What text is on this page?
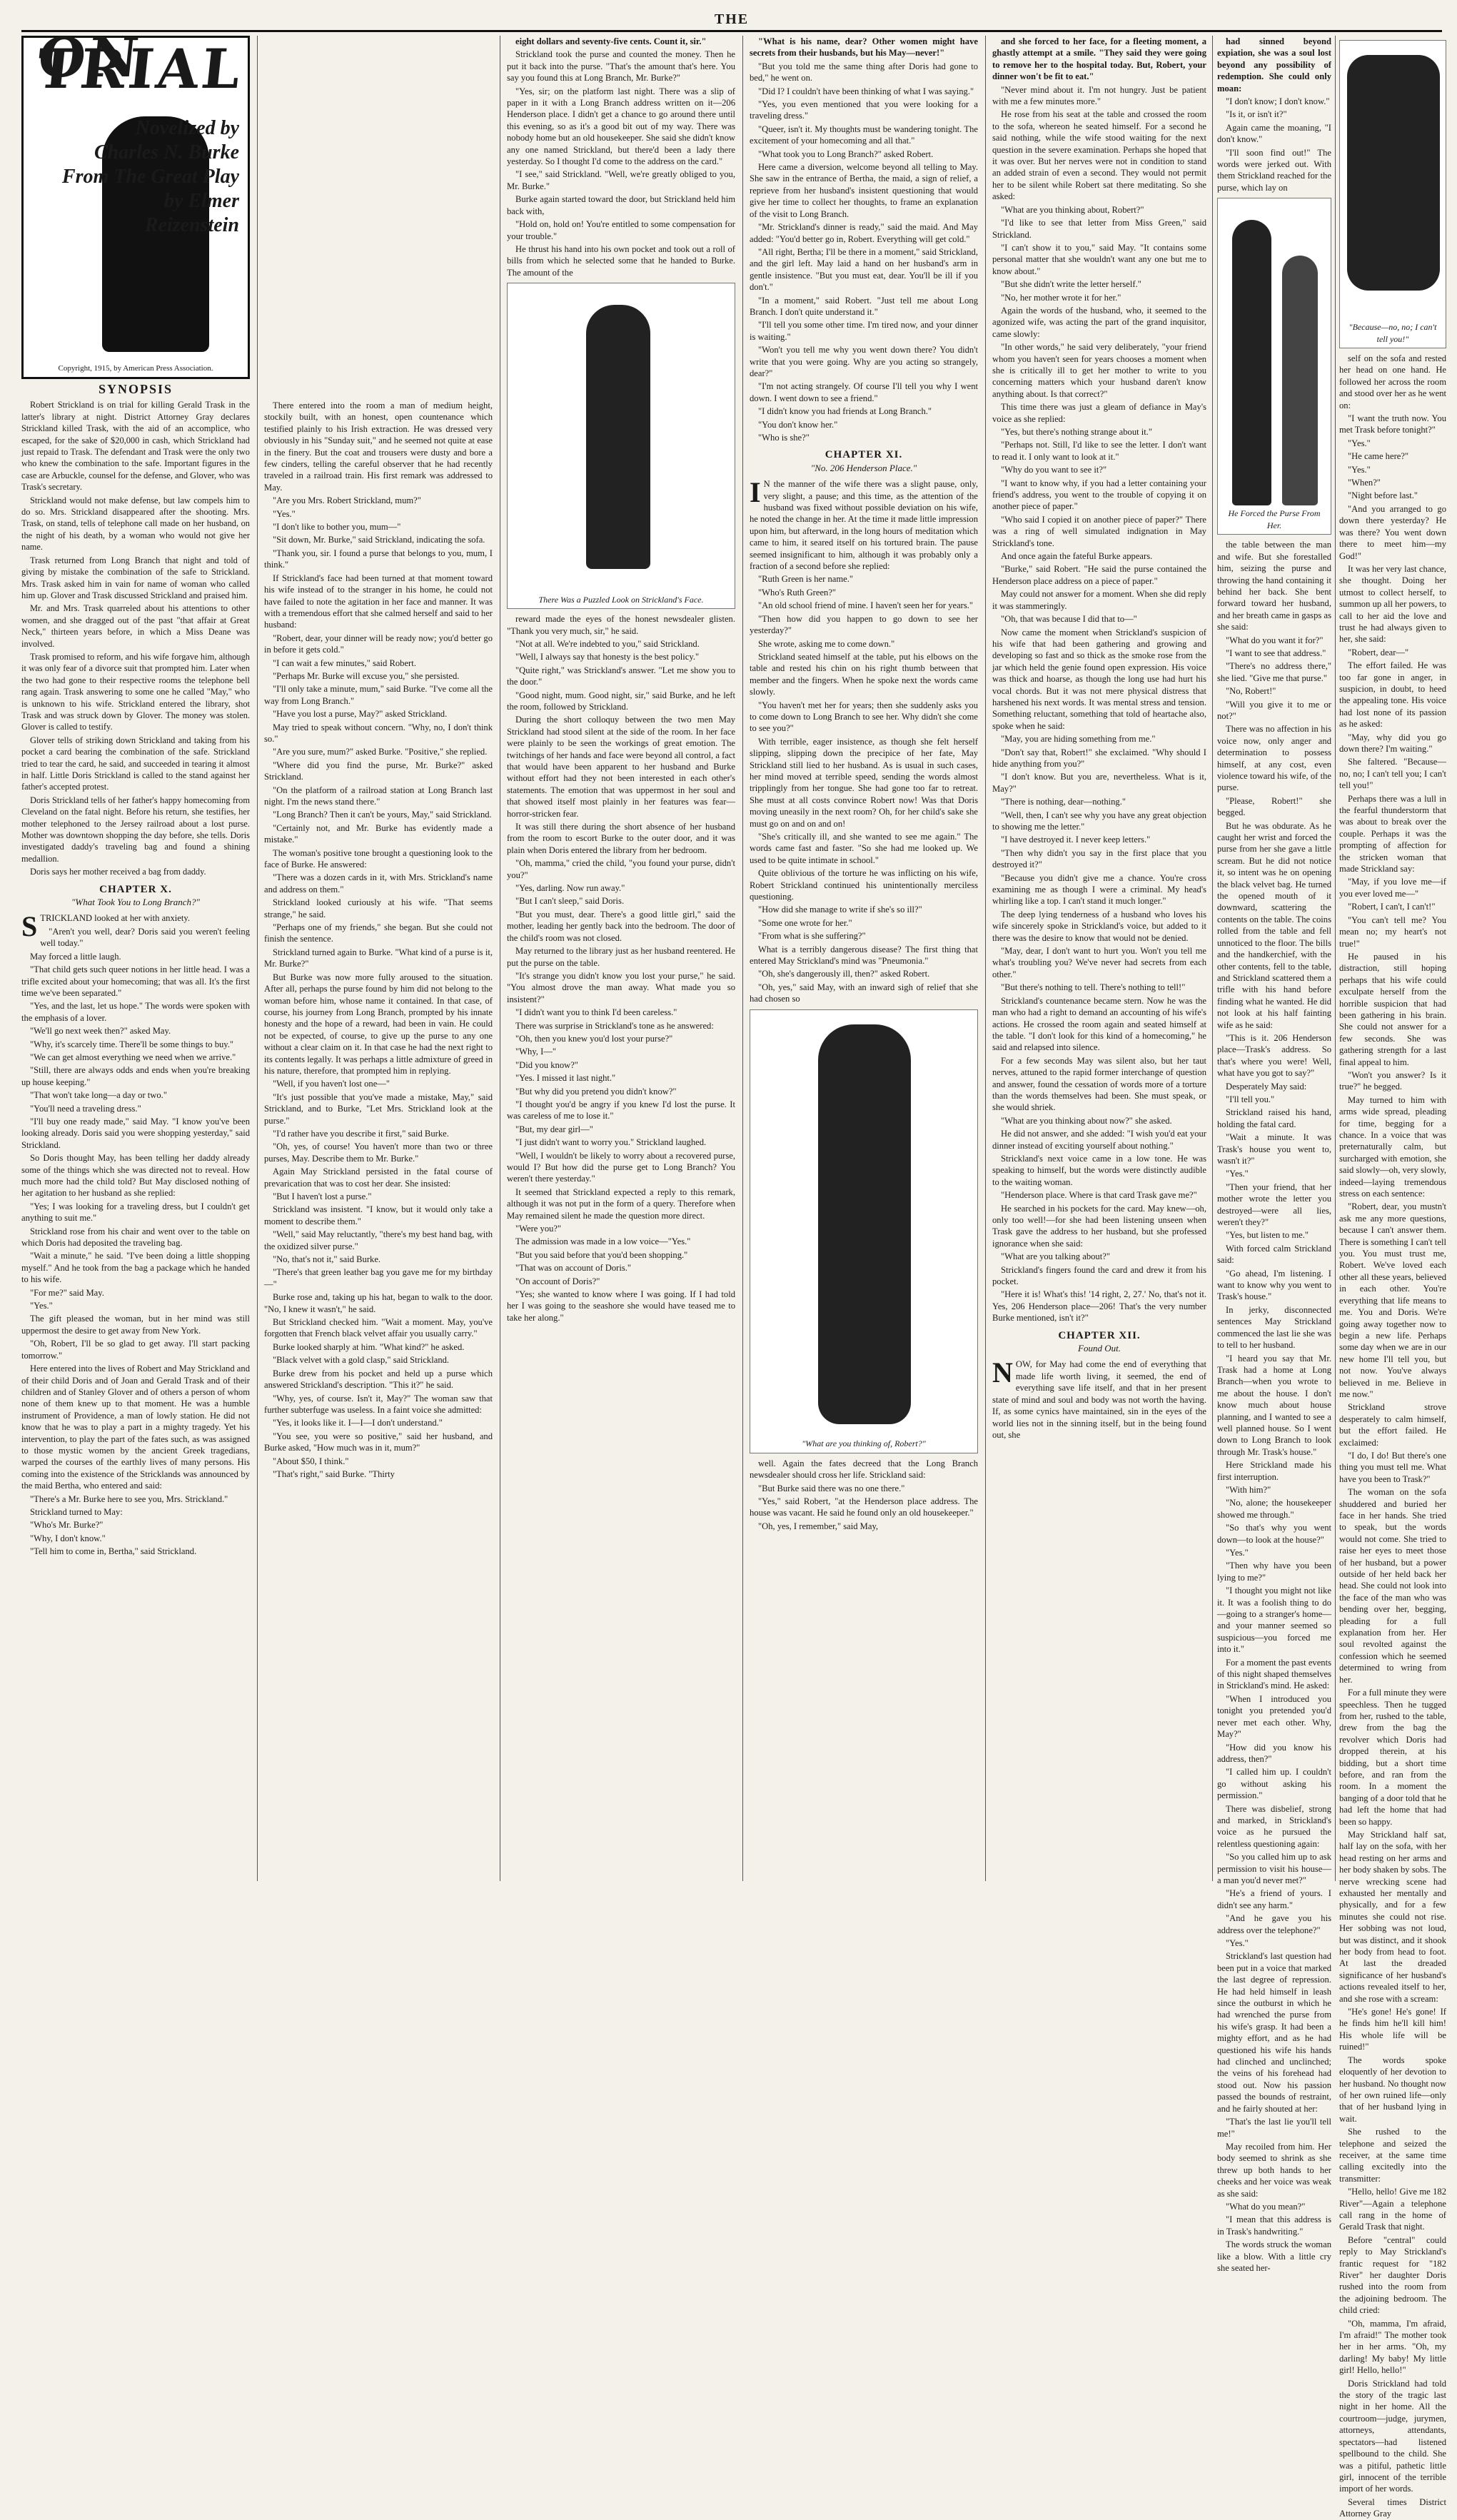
THE
ON TRIAL
Novelized by
Charles N. Burke
From The Great Play
by Elmer
Reizenstein
Copyright, 1915, by American Press Association.
SYNOPSIS

Robert Strickland is on trial for killing Gerald Trask in the latter's library at night. District Attorney Gray declares Strickland killed Trask, with the aid of an accomplice, who escaped, for the sake of $20,000 in cash, which Strickland had just repaid to Trask. The defendant and Trask were the only two who knew the combination to the safe. Important figures in the case are Arbuckle, counsel for the defense, and Glover, who was Trask's secretary.

Strickland would not make defense, but law compels him to do so. Mrs. Strickland disappeared after the shooting. Mrs. Trask, on stand, tells of telephone call made on her husband, on the night of his death, by a woman who would not give her name.

Trask returned from Long Branch that night and told of giving by mistake the combination of the safe to Strickland. Mrs. Trask asked him in vain for name of woman who called him up. Glover and Trask discussed Strickland and praised him.

Mr. and Mrs. Trask quarreled about his attentions to other women, and she dragged out of the past "that affair at Great Neck," thirteen years before, in which a Miss Deane was involved.

Trask promised to reform, and his wife forgave him, although it was only fear of a divorce suit that prompted him. Later when the two had gone to their respective rooms the telephone bell rang again. Trask answering to some one he called "May," who is unknown to his wife. Strickland entered the library, shot Trask and was struck down by Glover. The money was stolen. Glover is called to testify.

Glover tells of striking down Strickland and taking from his pocket a card bearing the combination of the safe. Strickland tried to tear the card, he said, and succeeded in tearing it almost in half. Little Doris Strickland is called to the stand against her father's accepted protest.

Doris Strickland tells of her father's happy homecoming from Cleveland on the fatal night. Before his return, she testifies, her mother telephoned to the Jersey railroad about a lost purse. Mother was downtown shopping the day before, she tells. Doris investigated daddy's traveling bag and found a shining medallion.

Doris says her mother received a bag from daddy.

CHAPTER X.
"What Took You to Long Branch?"
S TRICKLAND looked at her with anxiety.

"Aren't you well, dear? Doris said you weren't feeling well today."

May forced a little laugh.

"That child gets such queer notions in her little head. I was a trifle excited about your homecoming; that was all. It's the first time we've been separated."

"Yes, and the last, let us hope." The words were spoken with the emphasis of a lover.

"We'll go next week then?" asked May.

"Why, it's scarcely time. There'll be some things to buy."

"We can get almost everything we need when we arrive."

"Still, there are always odds and ends when you're breaking up house keeping."

"That won't take long—a day or two."

"You'll need a traveling dress."

"I'll buy one ready made," said May. "I know you've been looking already. Doris said you were shopping yesterday," said Strickland.

So Doris thought May, has been telling her daddy already some of the things which she was directed not to reveal. How much more had the child told? But May disclosed nothing of her agitation to her husband as she replied:

"Yes; I was looking for a traveling dress, but I couldn't get anything to suit me."

Strickland rose from his chair and went over to the table on which Doris had deposited the traveling bag.

"Wait a minute," he said. "I've been doing a little shopping myself." And he took from the bag a package which he handed to his wife.

"For me?" said May.

"Yes."

The gift pleased the woman, but in her mind was still uppermost the desire to get away from New York.

"Oh, Robert, I'll be so glad to get away. I'll start packing tomorrow."

Here entered into the lives of Robert and May Strickland and of their child Doris and of Joan and Gerald Trask and of their children and of Stanley Glover and of others a person of whom none of them knew up to that moment. He was a humble instrument of Providence, a man of lowly station. He did not know that he was to play a part in a mighty tragedy. Yet his intervention, to play the part of the fates such, as was assigned to those mystic women by the ancient Greek tragedians, warped the courses of the earthly lives of many persons. His coming into the existence of the Stricklands was announced by the maid Bertha, who entered and said:

"There's a Mr. Burke here to see you, Mrs. Strickland."

Strickland turned to May:

"Who's Mr. Burke?"

"Why, I don't know."

"Tell him to come in, Bertha," said Strickland.

There entered into the room a man of medium height, stockily built, with an honest, open countenance which testified plainly to his Irish extraction. He was dressed very obviously in his "Sunday suit," and he seemed not quite at ease in the finery. But the coat and trousers were dusty and bore a few cinders, telling the careful observer that he had recently traveled in a railroad train. His first remark was addressed to May.

"Are you Mrs. Robert Strickland, mum?"

"Yes."

"I don't like to bother you, mum—"

"Sit down, Mr. Burke," said Strickland, indicating the sofa.

"Thank you, sir. I found a purse that belongs to you, mum, I think."

If Strickland's face had been turned at that moment toward his wife instead of to the stranger in his home, he could not have failed to note the agitation in her face and manner. It was with a tremendous effort that she calmed herself and said to her husband:

"Robert, dear, your dinner will be ready now; you'd better go in before it gets cold."

"I can wait a few minutes," said Robert.

"Perhaps Mr. Burke will excuse you," she persisted.

"I'll only take a minute, mum," said Burke. "I've come all the way from Long Branch."

"Have you lost a purse, May?" asked Strickland.

May tried to speak without concern. "Why, no, I don't think so."

"Are you sure, mum?" asked Burke. "Positive," she replied.

"Where did you find the purse, Mr. Burke?" asked Strickland.

"On the platform of a railroad station at Long Branch last night. I'm the news stand there."

"Long Branch? Then it can't be yours, May," said Strickland.

"Certainly not, and Mr. Burke has evidently made a mistake."

The woman's positive tone brought a questioning look to the face of Burke. He answered:

"There was a dozen cards in it, with Mrs. Strickland's name and address on them."

Strickland looked curiously at his wife. "That seems strange," he said.

"Perhaps one of my friends," she began. But she could not finish the sentence.

Strickland turned again to Burke. "What kind of a purse is it, Mr. Burke?"

But Burke was now more fully aroused to the situation. After all, perhaps the purse found by him did not belong to the woman before him, whose name it contained. In that case, of course, his journey from Long Branch, prompted by his innate honesty and the hope of a reward, had been in vain. He could not be expected, of course, to give up the purse to any one without a clear claim on it. In that case he had the next right to its contents legally. It was perhaps a little admixture of greed in his nature, therefore, that prompted him in replying.

"Well, if you haven't lost one—"

"It's just possible that you've made a mistake, May," said Strickland, and to Burke, "Let Mrs. Strickland look at the purse."

"I'd rather have you describe it first," said Burke.

"Oh, yes, of course! You haven't more than two or three purses, May. Describe them to Mr. Burke."

Again May Strickland persisted in the fatal course of prevarication that was to cost her dear. She insisted:

"But I haven't lost a purse."

Strickland was insistent. "I know, but it would only take a moment to describe them."

"Well," said May reluctantly, "there's my best hand bag, with the oxidized silver purse."

"No, that's not it," said Burke.

"There's that green leather bag you gave me for my birthday—"

Burke rose and, taking up his hat, began to walk to the door. "No, I knew it wasn't," he said.

But Strickland checked him. "Wait a moment. May, you've forgotten that French black velvet affair you usually carry."

Burke looked sharply at him. "What kind?" he asked.

"Black velvet with a gold clasp," said Strickland.

Burke drew from his pocket and held up a purse which answered Strickland's description. "This it?" he said.

"Why, yes, of course. Isn't it, May?" The woman saw that further subterfuge was useless. In a faint voice she admitted:

"Yes, it looks like it. I—I—I don't understand."

"You see, you were so positive," said her husband, and Burke asked, "How much was in it, mum?"

"About $50, I think."

"That's right," said Burke. "Thirty

eight dollars and seventy-five cents. Count it, sir."

Strickland took the purse and counted the money. Then he put it back into the purse. "That's the amount that's here. You say you found this at Long Branch, Mr. Burke?"

"Yes, sir; on the platform last night. There was a slip of paper in it with a Long Branch address written on it—206 Henderson place. I didn't get a chance to go around there until this evening, so as it's a good bit out of my way. There was nobody home but an old housekeeper. She said she didn't know any one named Strickland, but there'd been a lady there yesterday. So I thought I'd come to the address on the card."

"I see," said Strickland. "Well, we're greatly obliged to you, Mr. Burke."

Burke again started toward the door, but Strickland held him back with,

"Hold on, hold on! You're entitled to some compensation for your trouble."

He thrust his hand into his own pocket and took out a roll of bills from which he selected some that he handed to Burke. The amount of the

There Was a Puzzled Look on Strickland's Face.

reward made the eyes of the honest newsdealer glisten. "Thank you very much, sir," he said.

"Not at all. We're indebted to you," said Strickland.

"Well, I always say that honesty is the best policy."

"Quite right," was Strickland's answer. "Let me show you to the door."

"Good night, mum. Good night, sir," said Burke, and he left the room, followed by Strickland.

During the short colloquy between the two men May Strickland had stood silent at the side of the room. In her face were plainly to be seen the workings of great emotion. The twitchings of her hands and face were beyond all control, a fact that would have been apparent to her husband and Burke without effort had they not been interested in each other's statements. The emotion that was uppermost in her soul and that showed itself most plainly in her features was fear—horror-stricken fear.

It was still there during the short absence of her husband from the room to escort Burke to the outer door, and it was plain when Doris entered the library from her bedroom.

"Oh, mamma," cried the child, "you found your purse, didn't you?"

"Yes, darling. Now run away."

"But I can't sleep," said Doris.

"But you must, dear. There's a good little girl," said the mother, leading her gently back into the bedroom. The door of the child's room was not closed.

May returned to the library just as her husband reentered. He put the purse on the table.

"It's strange you didn't know you lost your purse," he said. "You almost drove the man away. What made you so insistent?"

"I didn't want you to think I'd been careless."

There was surprise in Strickland's tone as he answered:

"Oh, then you knew you'd lost your purse?"

"Why, I—"

"Did you know?"

"Yes. I missed it last night."

"But why did you pretend you didn't know?"

"I thought you'd be angry if you knew I'd lost the purse. It was careless of me to lose it."

"But, my dear girl—"

"I just didn't want to worry you." Strickland laughed.

"Well, I wouldn't be likely to worry about a recovered purse, would I? But how did the purse get to Long Branch? You weren't there yesterday."

It seemed that Strickland expected a reply to this remark, although it was not put in the form of a query. Therefore when May remained silent he made the question more direct.

"Were you?"

The admission was made in a low voice—"Yes."

"But you said before that you'd been shopping."

"That was on account of Doris."

"On account of Doris?"

"Yes; she wanted to know where I was going. If I had told her I was going to the seashore she would have teased me to take her along."

"What is his name, dear? Other women might have secrets from their husbands, but his May—never!"

"But you told me the same thing after Doris had gone to bed," he went on.

"Did I? I couldn't have been thinking of what I was saying."

"Yes, you even mentioned that you were looking for a traveling dress."

"Queer, isn't it. My thoughts must be wandering tonight. The excitement of your homecoming and all that."

"What took you to Long Branch?" asked Robert.

Here came a diversion, welcome beyond all telling to May. She saw in the entrance of Bertha, the maid, a sign of relief, a reprieve from her husband's insistent questioning that would give her time to collect her thoughts, to frame an explanation of the visit to Long Branch.

"Mr. Strickland's dinner is ready," said the maid. And May added: "You'd better go in, Robert. Everything will get cold."

"All right, Bertha; I'll be there in a moment," said Strickland, and the girl left. May laid a hand on her husband's arm in gentle insistence. "But you must eat, dear. You'll be ill if you don't."

"In a moment," said Robert. "Just tell me about Long Branch. I don't quite understand it."

"I'll tell you some other time. I'm tired now, and your dinner is waiting."

"Won't you tell me why you went down there? You didn't write that you were going. Why are you acting so strangely, dear?"

"I'm not acting strangely. Of course I'll tell you why I went down. I went down to see a friend."

"I didn't know you had friends at Long Branch."

"You don't know her."

"Who is she?"

CHAPTER XI.
"No. 206 Henderson Place."
I N the manner of the wife there was a slight pause, only, very slight, a pause; and this time, as the attention of the husband was fixed without possible deviation on his wife, he noted the change in her. At the time it made little impression upon him, but afterward, in the long hours of meditation which came to him, it seared itself on his tortured brain. The pause seemed insignificant to him, although it was probably only a fraction of a second before she replied:

"Ruth Green is her name."

"Who's Ruth Green?"

"An old school friend of mine. I haven't seen her for years."

"Then how did you happen to go down to see her yesterday?"

She wrote, asking me to come down."

Strickland seated himself at the table, put his elbows on the table and rested his chin on his right thumb between that member and the fingers. When he spoke next the words came slowly.

"You haven't met her for years; then she suddenly asks you to come down to Long Branch to see her. Why didn't she come to see you?"

With terrible, eager insistence, as though she felt herself slipping, slipping down the precipice of her fate, May Strickland still lied to her husband. As is usual in such cases, her mind moved at terrible speed, sending the words almost tripplingly from her tongue. She had gone too far to retreat. She must at all costs convince Robert now! Was that Doris moving uneasily in the next room? Oh, for her child's sake she must go on and on and on!

"She's critically ill, and she wanted to see me again." The words came fast and faster. "So she had me looked up. We used to be quite intimate in school."

Quite oblivious of the torture he was inflicting on his wife, Robert Strickland continued his unintentionally merciless questioning.

"How did she manage to write if she's so ill?"

"Some one wrote for her."

"From what is she suffering?"

What is a terribly dangerous disease? The first thing that entered May Strickland's mind was "Pneumonia."

"Oh, she's dangerously ill, then?" asked Robert.

"Oh, yes," said May, with an inward sigh of relief that she had chosen so

"What are you thinking of, Robert?"

well. Again the fates decreed that the Long Branch newsdealer should cross her life. Strickland said:

"But Burke said there was no one there."

"Yes," said Robert, "at the Henderson place address. The house was vacant. He said he found only an old housekeeper."

"Oh, yes, I remember," said May,

and she forced to her face, for a fleeting moment, a ghastly attempt at a smile. "They said they were going to remove her to the hospital today. But, Robert, your dinner won't be fit to eat."

"Never mind about it. I'm not hungry. Just be patient with me a few minutes more."

He rose from his seat at the table and crossed the room to the sofa, whereon he seated himself. For a second he said nothing, while the wife stood waiting for the next question in the severe examination. Perhaps she hoped that it was over. But her nerves were not in condition to stand an added strain of even a second. They would not permit her to be silent while Robert sat there meditating. So she asked:

"What are you thinking about, Robert?"

"I'd like to see that letter from Miss Green," said Strickland.

"I can't show it to you," said May. "It contains some personal matter that she wouldn't want any one but me to know about."

"But she didn't write the letter herself."

"No, her mother wrote it for her."

Again the words of the husband, who, it seemed to the agonized wife, was acting the part of the grand inquisitor, came slowly:

"In other words," he said very deliberately, "your friend whom you haven't seen for years chooses a moment when she is critically ill to get her mother to write to you concerning matters which your husband daren't know anything about. Is that correct?"

This time there was just a gleam of defiance in May's voice as she replied:

"Yes, but there's nothing strange about it."

"Perhaps not. Still, I'd like to see the letter. I don't want to read it. I only want to look at it."

"Why do you want to see it?"

"I want to know why, if you had a letter containing your friend's address, you went to the trouble of copying it on another piece of paper."

"Who said I copied it on another piece of paper?" There was a ring of well simulated indignation in May Strickland's tone.

And once again the fateful Burke appears.

"Burke," said Robert. "He said the purse contained the Henderson place address on a piece of paper."

May could not answer for a moment. When she did reply it was stammeringly.

"Oh, that was because I did that to—"

Now came the moment when Strickland's suspicion of his wife that had been gathering and growing and developing so fast and so thick as the smoke rose from the jar which held the genie found open expression. His voice was thick and hoarse, as though the long use had hurt his vocal chords. But it was not mere physical distress that harshened his next words. It was mental stress and tension. Something reluctant, something that told of heartache also, spoke when he said:

"May, you are hiding something from me."

"Don't say that, Robert!" she exclaimed. "Why should I hide anything from you?"

"I don't know. But you are, nevertheless. What is it, May?"

"There is nothing, dear—nothing."

"Well, then, I can't see why you have any great objection to showing me the letter."

"I have destroyed it. I never keep letters."

"Then why didn't you say in the first place that you destroyed it?"

"Because you didn't give me a chance. You're cross examining me as though I were a criminal. My head's whirling like a top. I can't stand it much longer."

The deep lying tenderness of a husband who loves his wife sincerely spoke in Strickland's voice, but added to it there was the desire to know that would not be denied.

"May, dear, I don't want to hurt you. Won't you tell me what's troubling you? We've never had secrets from each other."

"But there's nothing to tell. There's nothing to tell!"

Strickland's countenance became stern. Now he was the man who had a right to demand an accounting of his wife's actions. He crossed the room again and seated himself at the table. "I don't look for this kind of a homecoming," he said and relapsed into silence.

For a few seconds May was silent also, but her taut nerves, attuned to the rapid former interchange of question and answer, found the cessation of words more of a torture than the words themselves had been. She must speak, or she would shriek.

"What are you thinking about now?" she asked.

He did not answer, and she added: "I wish you'd eat your dinner instead of exciting yourself about nothing."

Strickland's next voice came in a low tone. He was speaking to himself, but the words were distinctly audible to the waiting woman.

"Henderson place. Where is that card Trask gave me?"

He searched in his pockets for the card. May knew—oh, only too well!—for she had been listening unseen when Trask gave the address to her husband, but she professed ignorance when she said:

"What are you talking about?"

Strickland's fingers found the card and drew it from his pocket.

"Here it is! What's this! '14 right, 2, 27.' No, that's not it. Yes, 206 Henderson place—206! That's the very number Burke mentioned, isn't it?"

CHAPTER XII.
Found Out.
N OW, for May had come the end of everything that made life worth living, it seemed, the end of everything save life itself, and that in her present state of mind and soul and body was not worth the having. If, as some cynics have maintained, sin in the eyes of the world lies not in the sinning itself, but in the being found out, she

had sinned beyond expiation, she was a soul lost beyond any possibility of redemption. She could only moan:

"I don't know; I don't know."

"Is it, or isn't it?"

Again came the moaning, "I don't know."

"I'll soon find out!" The words were jerked out. With them Strickland reached for the purse, which lay on

He Forced the Purse From Her.

the table between the man and wife. But she forestalled him, seizing the purse and throwing the hand containing it behind her back. She bent forward toward her husband, and her breath came in gasps as she said:

"What do you want it for?"

"I want to see that address."

"There's no address there," she lied. "Give me that purse."

"No, Robert!"

"Will you give it to me or not?"

There was no affection in his voice now, only anger and determination to possess himself, at any cost, even violence toward his wife, of the purse.

"Please, Robert!" she begged.

But he was obdurate. As he caught her wrist and forced the purse from her she gave a little scream. But he did not notice it, so intent was he on opening the black velvet bag. He turned the opened mouth of it downward, scattering the contents on the table. The coins rolled from the table and fell unnoticed to the floor. The bills and the handkerchief, with the other contents, fell to the table, and Strickland scattered them a trifle with his hand before finding what he wanted. He did not look at his half fainting wife as he said:

"This is it. 206 Henderson place—Trask's address. So that's where you were! Well, what have you got to say?"

Desperately May said:

"I'll tell you."

Strickland raised his hand, holding the fatal card.

"Wait a minute. It was Trask's house you went to, wasn't it?"

"Yes."

"Then your friend, that her mother wrote the letter you destroyed—were all lies, weren't they?"

"Yes, but listen to me."

With forced calm Strickland said:

"Go ahead, I'm listening. I want to know why you went to Trask's house."

In jerky, disconnected sentences May Strickland commenced the last lie she was to tell to her husband.

"I heard you say that Mr. Trask had a home at Long Branch—when you wrote to me about the house. I don't know much about house planning, and I wanted to see a well planned house. So I went down to Long Branch to look through Mr. Trask's house."

Here Strickland made his first interruption.

"With him?"

"No, alone; the housekeeper showed me through."

"So that's why you went down—to look at the house?"

"Yes."

"Then why have you been lying to me?"

"I thought you might not like it. It was a foolish thing to do—going to a stranger's home—and your manner seemed so suspicious—you forced me into it."

For a moment the past events of this night shaped themselves in Strickland's mind. He asked:

"When I introduced you tonight you pretended you'd never met each other. Why, May?"

"How did you know his address, then?"

"I called him up. I couldn't go without asking his permission."

There was disbelief, strong and marked, in Strickland's voice as he pursued the relentless questioning again:

"So you called him up to ask permission to visit his house—a man you'd never met?"

"He's a friend of yours. I didn't see any harm."

"And he gave you his address over the telephone?"

"Yes."

Strickland's last question had been put in a voice that marked the last degree of repression. He had held himself in leash since the outburst in which he had wrenched the purse from his wife's grasp. It had been a mighty effort, and as he had questioned his wife his hands had clinched and unclinched; the veins of his forehead had stood out. Now his passion passed the bounds of restraint, and he fairly shouted at her:

"That's the last lie you'll tell me!"

May recoiled from him. Her body seemed to shrink as she threw up both hands to her cheeks and her voice was weak as she said:

"What do you mean?"

"I mean that this address is in Trask's handwriting."

The words struck the woman like a blow. With a little cry she seated her-

"Because—no, no; I can't tell you!"

self on the sofa and rested her head on one hand. He followed her across the room and stood over her as he went on:

"I want the truth now. You met Trask before tonight?"

"Yes."

"He came here?"

"Yes."

"When?"

"Night before last."

"And you arranged to go down there yesterday? He was there? You went down there to meet him—my God!"

It was her very last chance, she thought. Doing her utmost to collect herself, to summon up all her powers, to call to her aid the love and trust he had always given to her, she said:

"Robert, dear—"

The effort failed. He was too far gone in anger, in suspicion, in doubt, to heed the appealing tone. His voice had lost none of its passion as he asked:

"May, why did you go down there? I'm waiting."

She faltered. "Because—no, no; I can't tell you; I can't tell you!"

Perhaps there was a lull in the fearful thunderstorm that was about to break over the couple. Perhaps it was the prompting of affection for the stricken woman that made Strickland say:

"May, if you love me—if you ever loved me—"

"Robert, I can't, I can't!"

"You can't tell me? You mean no; my heart's not true!"

He paused in his distraction, still hoping perhaps that his wife could exculpate herself from the horrible suspicion that had been gathering in his brain. She could not answer for a few seconds. She was gathering strength for a last final appeal to him.

"Won't you answer? Is it true?" he begged.

May turned to him with arms wide spread, pleading for time, begging for a chance. In a voice that was preternaturally calm, but surcharged with emotion, she said slowly—oh, very slowly, indeed—laying tremendous stress on each sentence:

"Robert, dear, you mustn't ask me any more questions, because I can't answer them. There is something I can't tell you. You must trust me, Robert. We've loved each other all these years, believed in each other. You're everything that life means to me. You and Doris. We're going away together now to begin a new life. Perhaps some day when we are in our new home I'll tell you, but not now. You've always believed in me. Believe in me now."

Strickland strove desperately to calm himself, but the effort failed. He exclaimed:

"I do, I do! But there's one thing you must tell me. What have you been to Trask?"

The woman on the sofa shuddered and buried her face in her hands. She tried to speak, but the words would not come. She tried to raise her eyes to meet those of her husband, but a power outside of her held back her head. She could not look into the face of the man who was bending over her, begging, pleading for a full explanation from her. Her soul revolted against the confession which he seemed determined to wring from her.

For a full minute they were speechless. Then he tugged from her, rushed to the table, drew from the bag the revolver which Doris had dropped therein, at his bidding, but a short time before, and ran from the room. In a moment the banging of a door told that he had left the home that had been so happy.

May Strickland half sat, half lay on the sofa, with her head resting on her arms and her body shaken by sobs. The nerve wrecking scene had exhausted her mentally and physically, and for a few minutes she could not rise. Her sobbing was not loud, but was distinct, and it shook her body from head to foot. At last the dreaded significance of her husband's actions revealed itself to her, and she rose with a scream:

"He's gone! He's gone! If he finds him he'll kill him! His whole life will be ruined!"

The words spoke eloquently of her devotion to her husband. No thought now of her own ruined life—only that of her husband lying in wait.

She rushed to the telephone and seized the receiver, at the same time calling excitedly into the transmitter:

"Hello, hello! Give me 182 River"—Again a telephone call rang in the home of Gerald Trask that night.

Before "central" could reply to May Strickland's frantic request for "182 River" her daughter Doris rushed into the room from the adjoining bedroom. The child cried:

"Oh, mamma, I'm afraid, I'm afraid!" The mother took her in her arms. "Oh, my darling! My baby! My little girl! Hello, hello!"

Doris Strickland had told the story of the tragic last night in her home. All the courtroom—judge, jurymen, attorneys, attendants, spectators—had listened spellbound to the child. She was a pitiful, pathetic little girl, innocent of the terrible import of her words.

Several times District Attorney Gray
